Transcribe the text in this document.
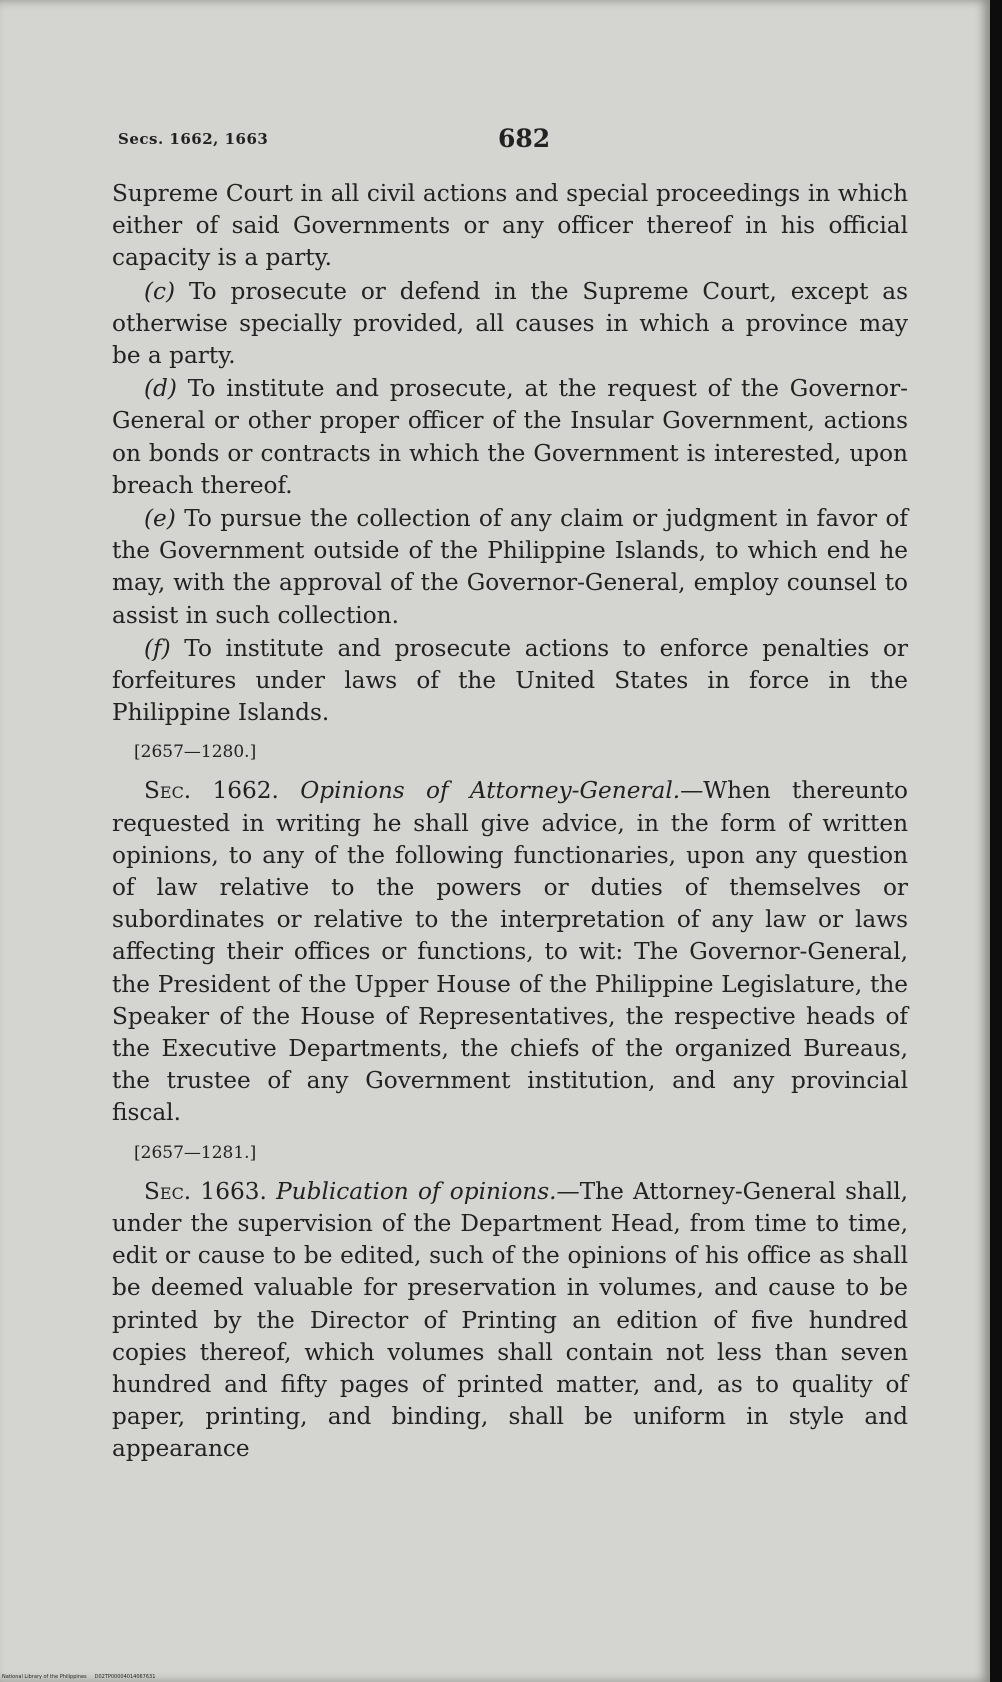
Secs. 1662, 1663	682

Supreme Court in all civil actions and special proceedings in which either of said Governments or any officer thereof in his official capacity is a party.

(c) To prosecute or defend in the Supreme Court, except as otherwise specially provided, all causes in which a province may be a party.

(d) To institute and prosecute, at the request of the Governor-General or other proper officer of the Insular Government, actions on bonds or contracts in which the Government is interested, upon breach thereof.

(e) To pursue the collection of any claim or judgment in favor of the Government outside of the Philippine Islands, to which end he may, with the approval of the Governor-General, employ counsel to assist in such collection.

(f) To institute and prosecute actions to enforce penalties or forfeitures under laws of the United States in force in the Philippine Islands.

[2657—1280.]

Sec. 1662. Opinions of Attorney-General.—When thereunto requested in writing he shall give advice, in the form of written opinions, to any of the following functionaries, upon any question of law relative to the powers or duties of themselves or subordinates or relative to the interpretation of any law or laws affecting their offices or functions, to wit: The Governor-General, the President of the Upper House of the Philippine Legislature, the Speaker of the House of Representatives, the respective heads of the Executive Departments, the chiefs of the organized Bureaus, the trustee of any Government institution, and any provincial fiscal.

[2657—1281.]

Sec. 1663. Publication of opinions.—The Attorney-General shall, under the supervision of the Department Head, from time to time, edit or cause to be edited, such of the opinions of his office as shall be deemed valuable for preservation in volumes, and cause to be printed by the Director of Printing an edition of five hundred copies thereof, which volumes shall contain not less than seven hundred and fifty pages of printed matter, and, as to quality of paper, printing, and binding, shall be uniform in style and appearance

National Library of the Philippines D02TP00004014067631
